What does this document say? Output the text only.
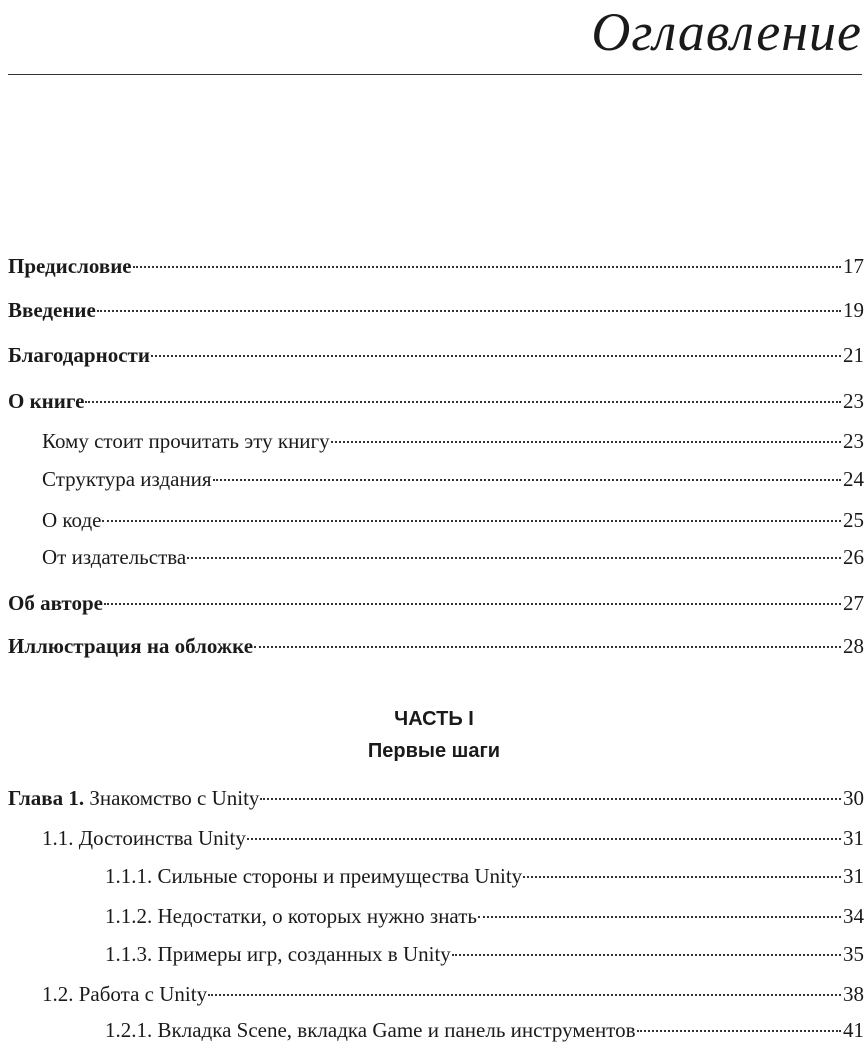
Оглавление
Предисловие	17
Введение	19
Благодарности	21
О книге	23
Кому стоит прочитать эту книгу	23
Структура издания	24
О коде	25
От издательства	26
Об авторе	27
Иллюстрация на обложке	28
ЧАСТЬ I
Первые шаги
Глава 1. Знакомство с Unity	30
1.1. Достоинства Unity	31
1.1.1. Сильные стороны и преимущества Unity	31
1.1.2. Недостатки, о которых нужно знать	34
1.1.3. Примеры игр, созданных в Unity	35
1.2. Работа с Unity	38
1.2.1. Вкладка Scene, вкладка Game и панель инструментов	41
